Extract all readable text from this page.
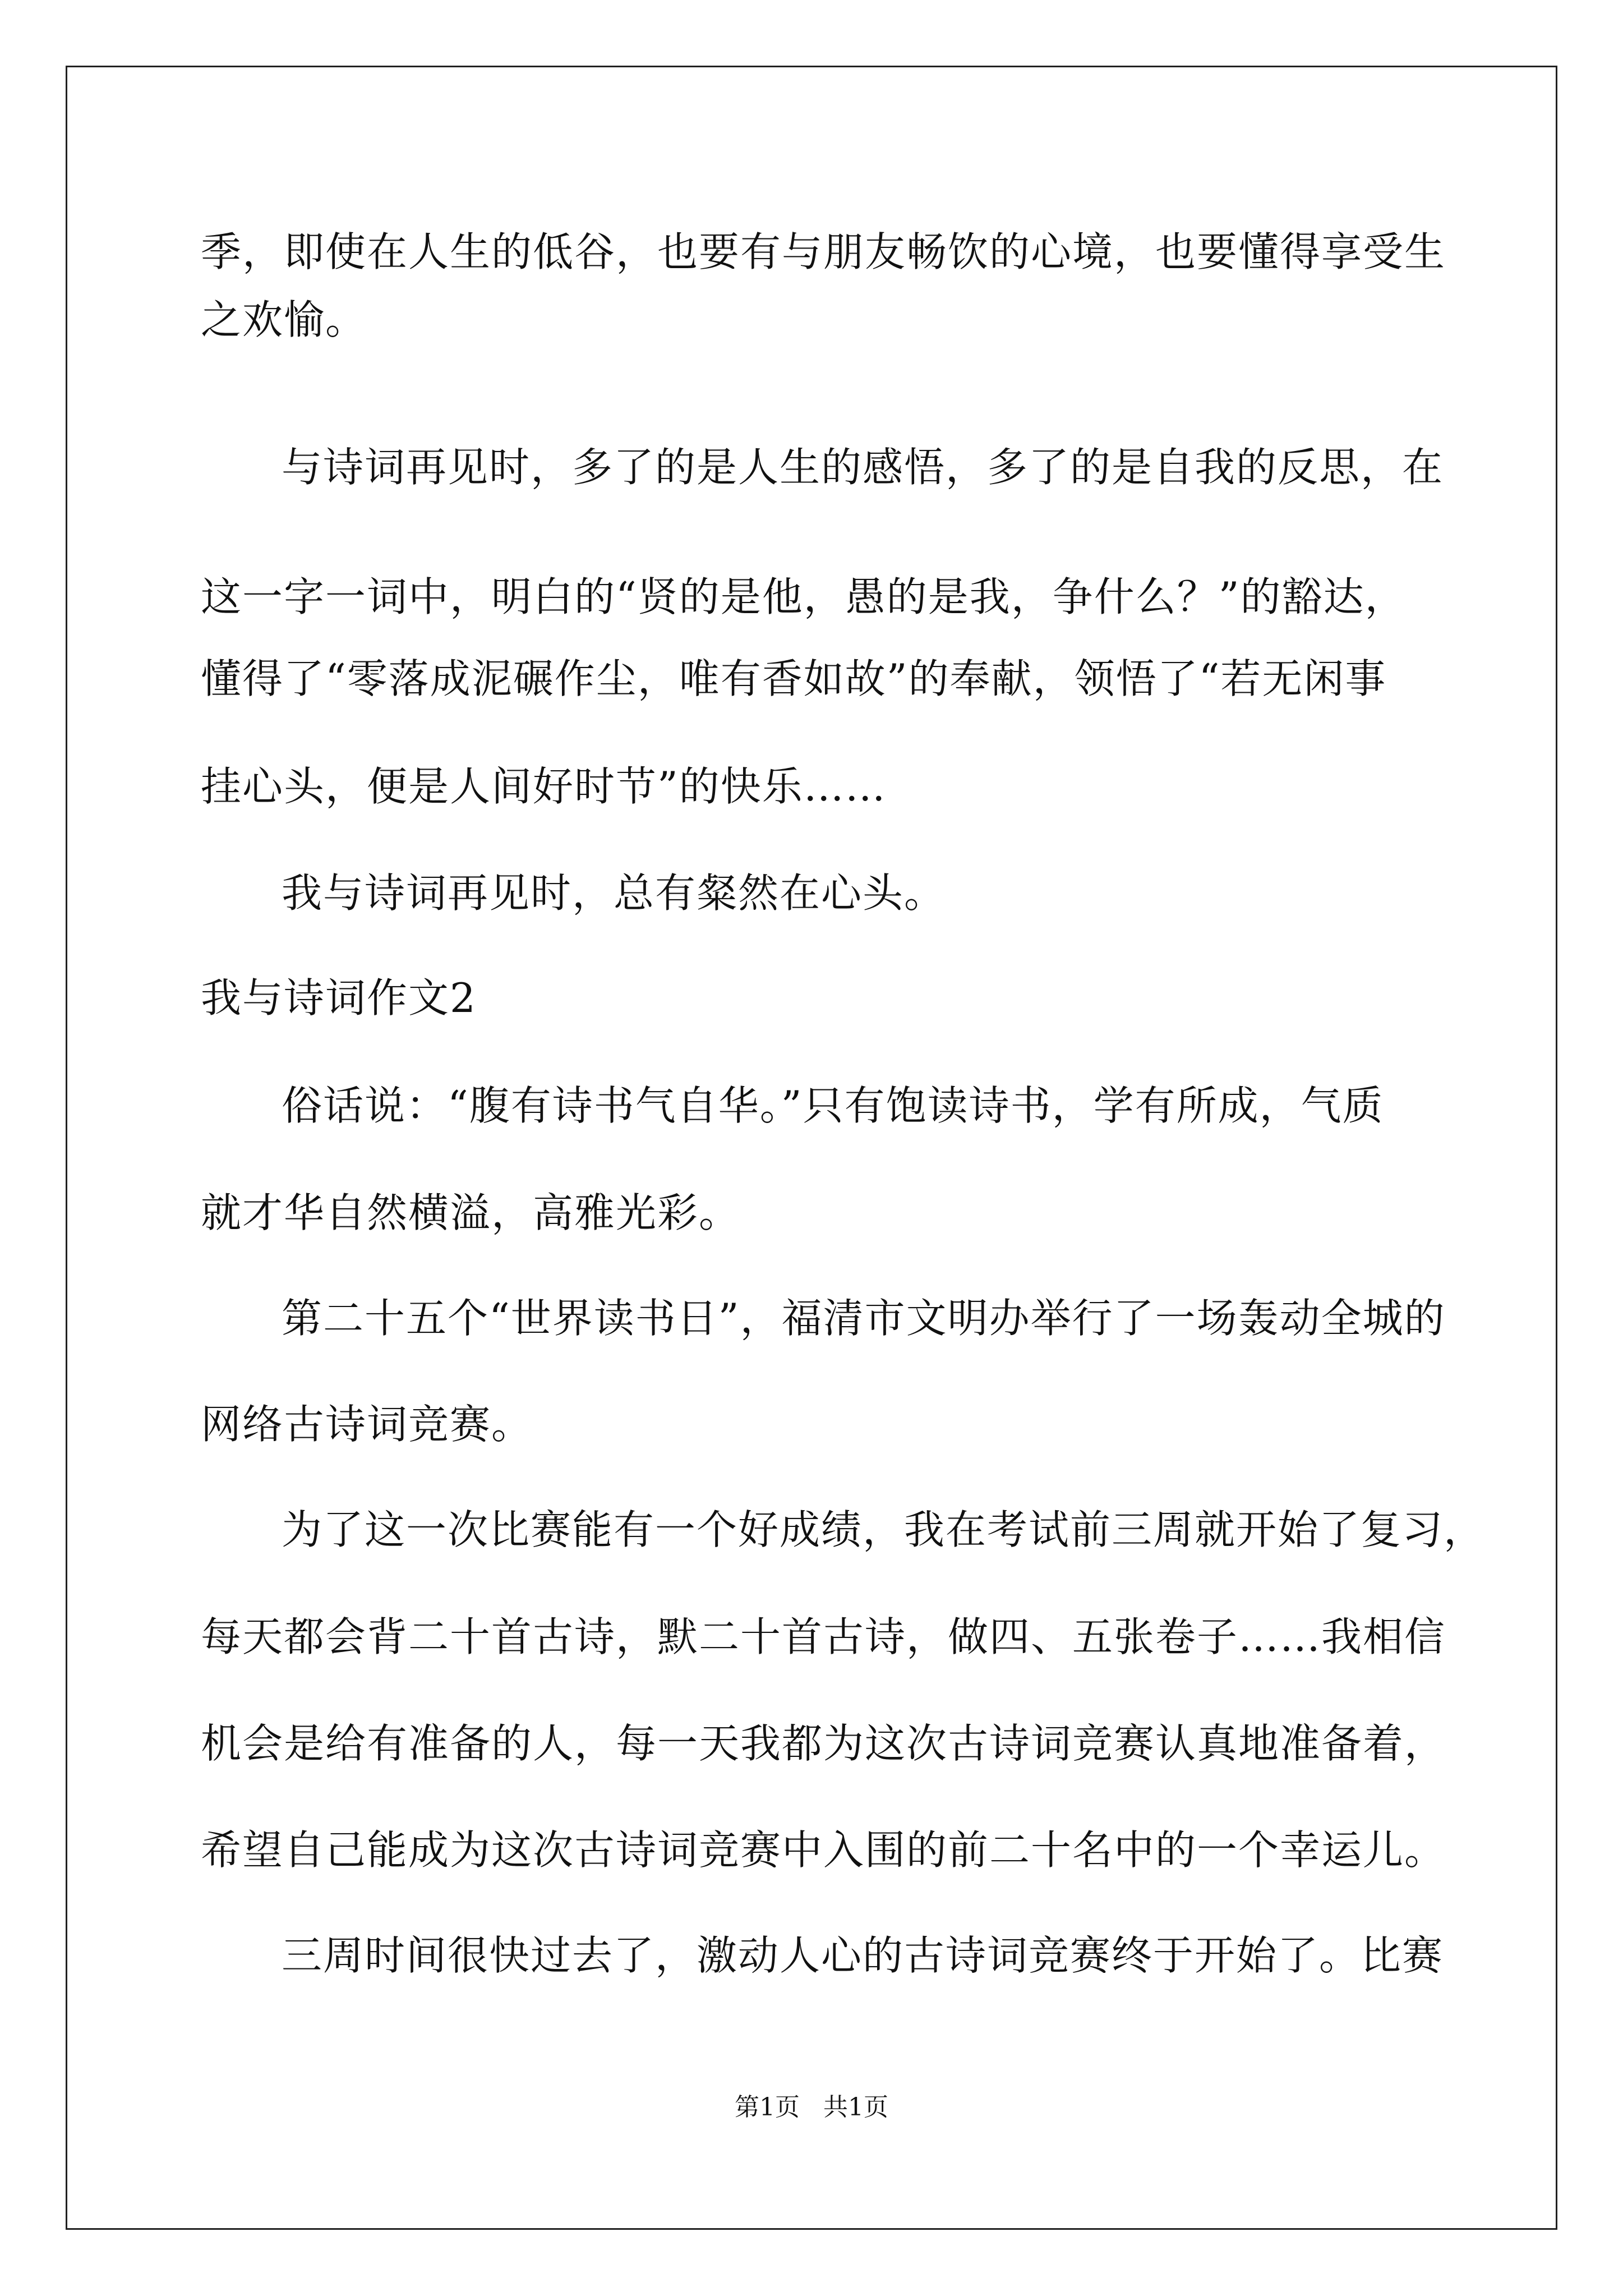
季，即使在人生的低谷，也要有与朋友畅饮的心境，也要懂得享受生
之欢愉。
与诗词再见时，多了的是人生的感悟，多了的是自我的反思，在
这一字一词中，明白的“贤的是他，愚的是我，争什么？”的豁达，
懂得了“零落成泥碾作尘，唯有香如故”的奉献，领悟了“若无闲事
挂心头，便是人间好时节”的快乐……
我与诗词再见时，总有粲然在心头。
我与诗词作文2
俗话说：“腹有诗书气自华。”只有饱读诗书，学有所成，气质
就才华自然横溢，高雅光彩。
第二十五个“世界读书日”，福清市文明办举行了一场轰动全城的
网络古诗词竞赛。
为了这一次比赛能有一个好成绩，我在考试前三周就开始了复习，
每天都会背二十首古诗，默二十首古诗，做四、五张卷子……我相信
机会是给有准备的人，每一天我都为这次古诗词竞赛认真地准备着，
希望自己能成为这次古诗词竞赛中入围的前二十名中的一个幸运儿。
三周时间很快过去了，激动人心的古诗词竞赛终于开始了。比赛
第1页 共1页
